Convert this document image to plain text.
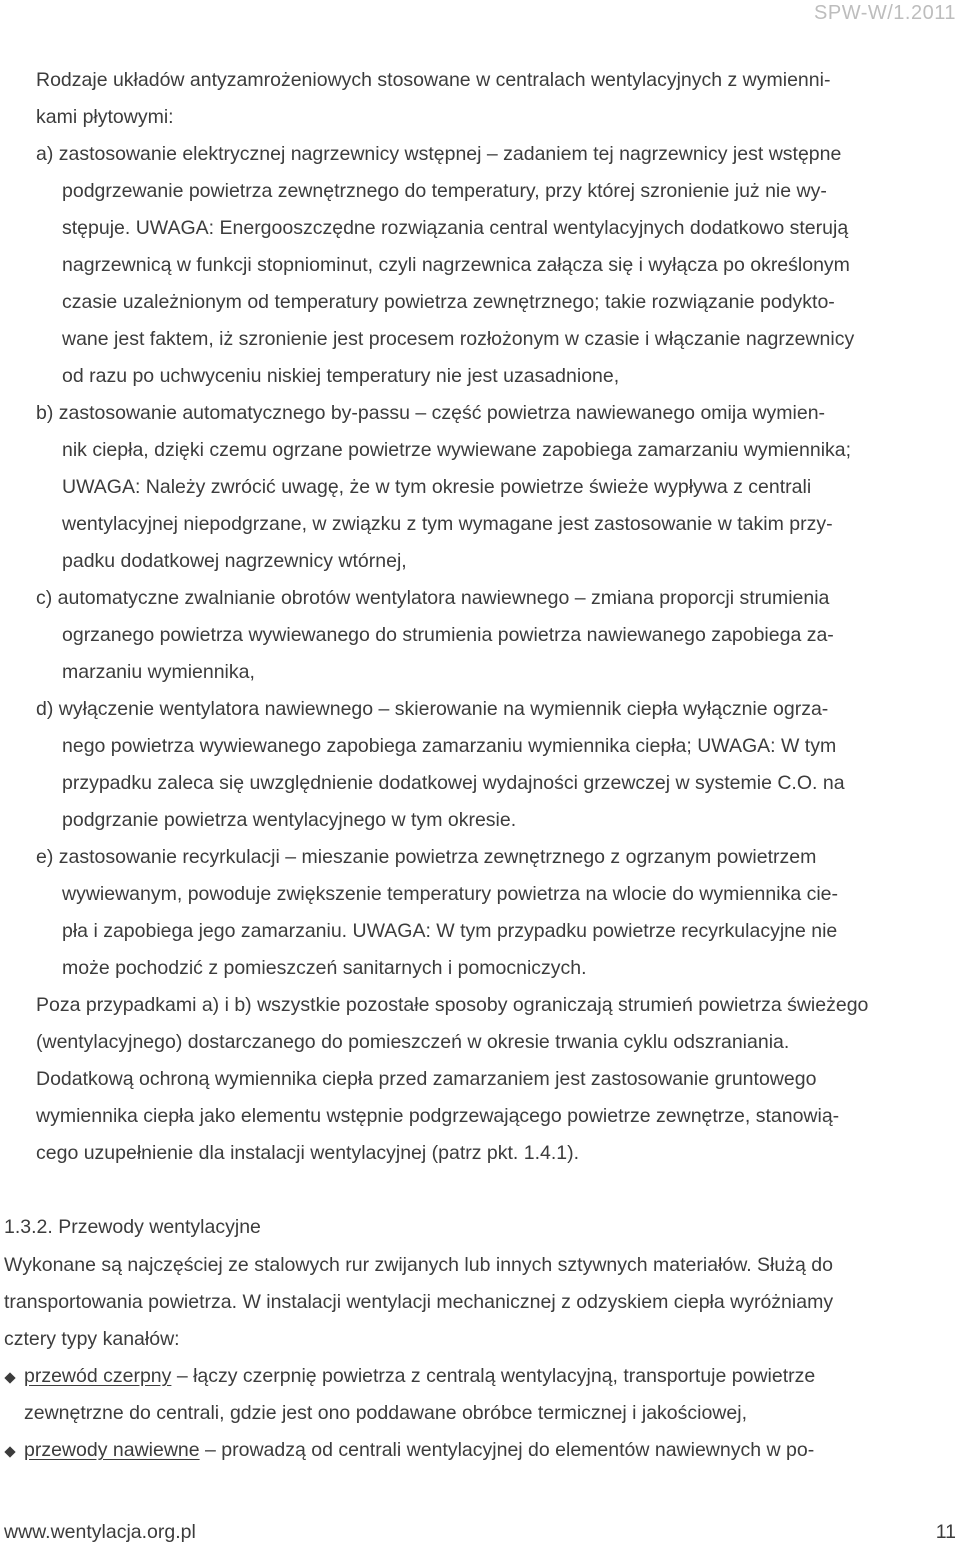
SPW-W/1.2011
Rodzaje układów antyzamrożeniowych stosowane w centralach wentylacyjnych z wymienni-
kami płytowymi:
a) zastosowanie elektrycznej nagrzewnicy wstępnej – zadaniem tej nagrzewnicy jest wstępne
podgrzewanie powietrza zewnętrznego do temperatury, przy której szronienie już nie wy-
stępuje. UWAGA: Energooszczędne rozwiązania central wentylacyjnych dodatkowo sterują
nagrzewnicą w funkcji stopniominut, czyli nagrzewnica załącza się i wyłącza po określonym
czasie uzależnionym od temperatury powietrza zewnętrznego; takie rozwiązanie podykto-
wane jest faktem, iż szronienie jest procesem rozłożonym w czasie i włączanie nagrzewnicy
od razu po uchwyceniu niskiej temperatury nie jest uzasadnione,
b) zastosowanie automatycznego by-passu – część powietrza nawiewanego omija wymien-
nik ciepła, dzięki czemu ogrzane powietrze wywiewane zapobiega zamarzaniu wymiennika;
UWAGA: Należy zwrócić uwagę, że w tym okresie powietrze świeże wypływa z centrali
wentylacyjnej niepodgrzane, w związku z tym wymagane jest zastosowanie w takim przy-
padku dodatkowej nagrzewnicy wtórnej,
c) automatyczne zwalnianie obrotów wentylatora nawiewnego – zmiana proporcji strumienia
ogrzanego powietrza wywiewanego do strumienia powietrza nawiewanego zapobiega za-
marzaniu wymiennika,
d) wyłączenie wentylatora nawiewnego – skierowanie na wymiennik ciepła wyłącznie ogrza-
nego powietrza wywiewanego zapobiega zamarzaniu wymiennika ciepła; UWAGA: W tym
przypadku zaleca się uwzględnienie dodatkowej wydajności grzewczej w systemie C.O. na
podgrzanie powietrza wentylacyjnego w tym okresie.
e) zastosowanie recyrkulacji – mieszanie powietrza zewnętrznego z ogrzanym powietrzem
wywiewanym, powoduje zwiększenie temperatury powietrza na wlocie do wymiennika cie-
pła i zapobiega jego zamarzaniu. UWAGA: W tym przypadku powietrze recyrkulacyjne nie
może pochodzić z pomieszczeń sanitarnych i pomocniczych.
Poza przypadkami a) i b) wszystkie pozostałe sposoby ograniczają strumień powietrza świeżego
(wentylacyjnego) dostarczanego do pomieszczeń w okresie trwania cyklu odszraniania.
Dodatkową ochroną wymiennika ciepła przed zamarzaniem jest zastosowanie gruntowego
wymiennika ciepła jako elementu wstępnie podgrzewającego powietrze zewnętrze, stanowią-
cego uzupełnienie dla instalacji wentylacyjnej (patrz pkt. 1.4.1).
1.3.2. Przewody wentylacyjne
Wykonane są najczęściej ze stalowych rur zwijanych lub innych sztywnych materiałów. Służą do
transportowania powietrza. W instalacji wentylacji mechanicznej z odzyskiem ciepła wyróżniamy
cztery typy kanałów:
przewód czerpny – łączy czerpnię powietrza z centralą wentylacyjną, transportuje powietrze
zewnętrzne do centrali, gdzie jest ono poddawane obróbce termicznej i jakościowej,
przewody nawiewne – prowadzą od centrali wentylacyjnej do elementów nawiewnych w po-
www.wentylacja.org.pl	11
